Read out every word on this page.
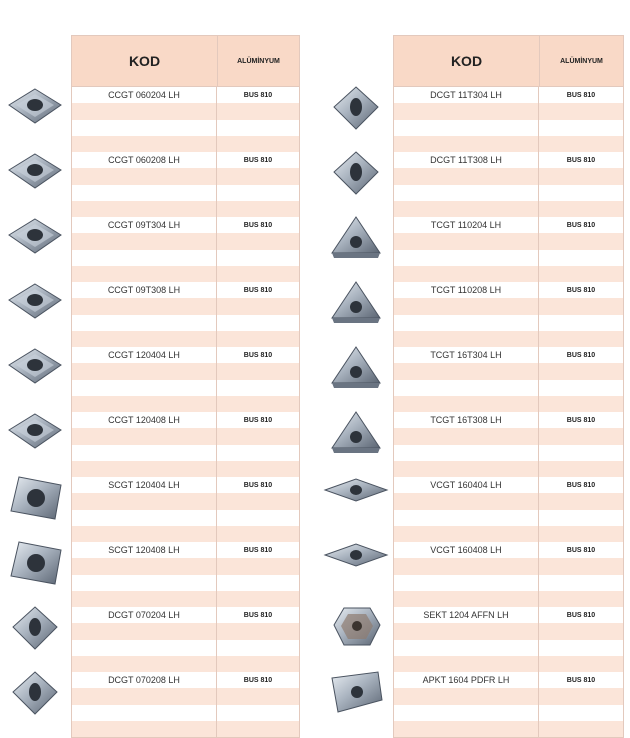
KOD	ALÜMİNYUM
CCGT 060204 LH	BUS 810
CCGT 060208 LH	BUS 810
CCGT 09T304 LH	BUS 810
CCGT 09T308 LH	BUS 810
CCGT 120404 LH	BUS 810
CCGT 120408 LH	BUS 810
SCGT 120404 LH	BUS 810
SCGT 120408 LH	BUS 810
DCGT 070204 LH	BUS 810
DCGT 070208 LH	BUS 810
KOD	ALÜMİNYUM
DCGT 11T304 LH	BUS 810
DCGT 11T308 LH	BUS 810
TCGT 110204 LH	BUS 810
TCGT 110208 LH	BUS 810
TCGT 16T304 LH	BUS 810
TCGT 16T308 LH	BUS 810
VCGT 160404 LH	BUS 810
VCGT 160408 LH	BUS 810
SEKT 1204 AFFN LH	BUS 810
APKT 1604 PDFR LH	BUS 810
